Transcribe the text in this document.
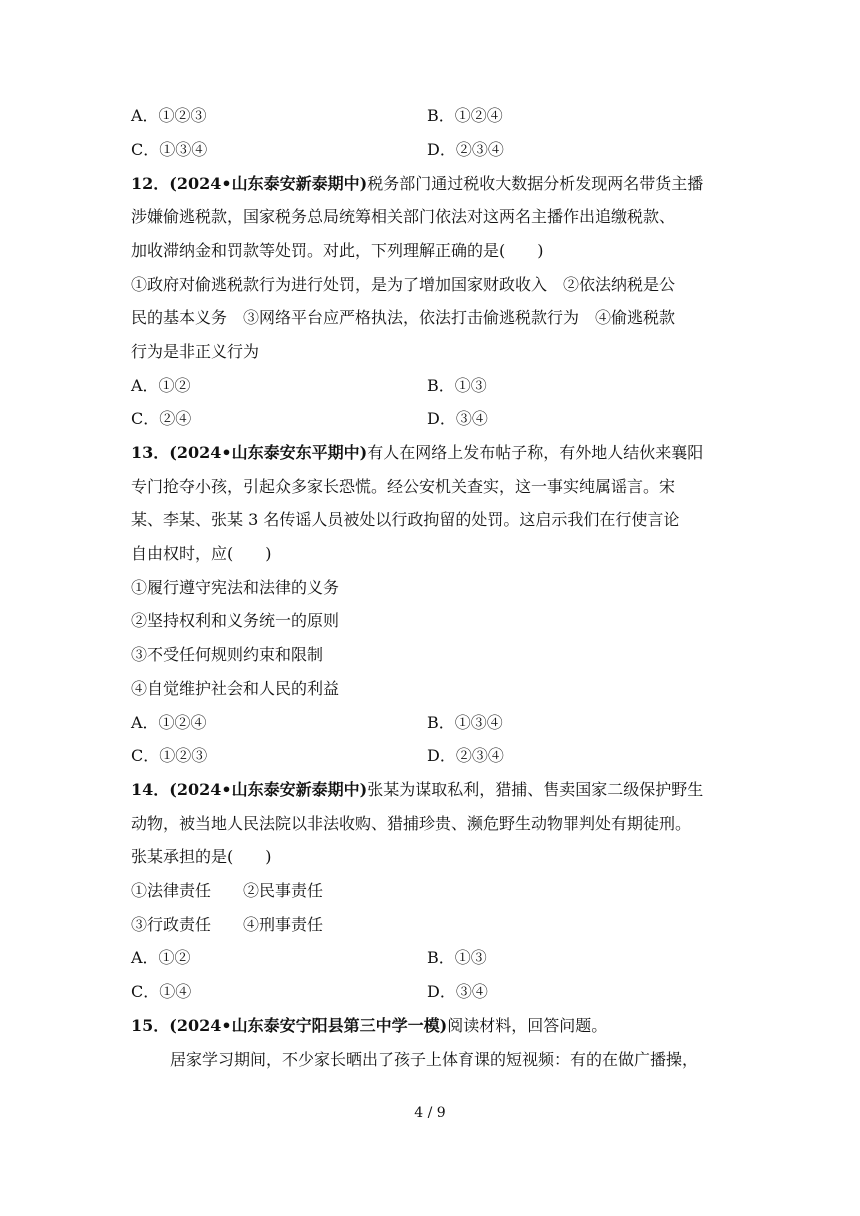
A．①②③	B．①②④
C．①③④	D．②③④
12．(2024•山东泰安新泰期中)税务部门通过税收大数据分析发现两名带货主播
涉嫌偷逃税款，国家税务总局统筹相关部门依法对这两名主播作出追缴税款、
加收滞纳金和罚款等处罚。对此，下列理解正确的是(　　)
①政府对偷逃税款行为进行处罚，是为了增加国家财政收入　②依法纳税是公
民的基本义务　③网络平台应严格执法，依法打击偷逃税款行为　④偷逃税款
行为是非正义行为
A．①②	B．①③
C．②④	D．③④
13．(2024•山东泰安东平期中)有人在网络上发布帖子称，有外地人结伙来襄阳
专门抢夺小孩，引起众多家长恐慌。经公安机关查实，这一事实纯属谣言。宋
某、李某、张某 3 名传谣人员被处以行政拘留的处罚。这启示我们在行使言论
自由权时，应(　　)
①履行遵守宪法和法律的义务
②坚持权利和义务统一的原则
③不受任何规则约束和限制
④自觉维护社会和人民的利益
A．①②④	B．①③④
C．①②③	D．②③④
14．(2024•山东泰安新泰期中)张某为谋取私利，猎捕、售卖国家二级保护野生
动物，被当地人民法院以非法收购、猎捕珍贵、濒危野生动物罪判处有期徒刑。
张某承担的是(　　)
①法律责任　　②民事责任
③行政责任　　④刑事责任
A．①②	B．①③
C．①④	D．③④
15．(2024•山东泰安宁阳县第三中学一模)阅读材料，回答问题。
居家学习期间，不少家长晒出了孩子上体育课的短视频：有的在做广播操，
4 / 9
